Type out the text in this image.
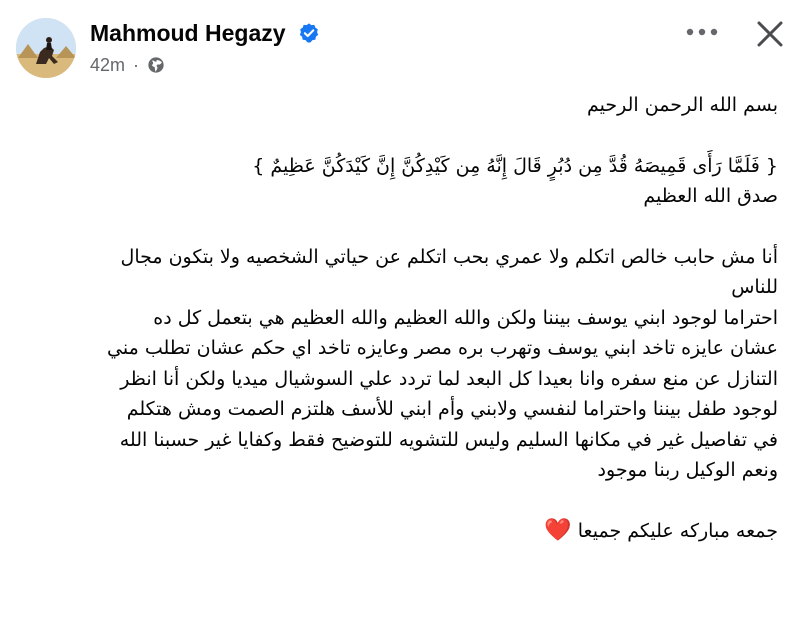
Mahmoud Hegazy
42m ·

بسم الله الرحمن الرحيم

{ فَلَمَّا رَأَى قَمِيصَهُ قُدَّ مِن دُبُرٍ قَالَ إِنَّهُ مِن كَيْدِكُنَّ إِنَّ كَيْدَكُنَّ عَظِيمٌ }

صدق الله العظيم

أنا مش حابب خالص اتكلم ولا عمري بحب اتكلم عن حياتي الشخصيه ولا بتكون مجال

للناس

احتراما لوجود ابني يوسف بيننا ولكن والله العظيم والله العظيم هي بتعمل كل ده

عشان عايزه تاخد ابني يوسف وتهرب بره مصر وعايزه تاخد اي حكم عشان تطلب مني

التنازل عن منع سفره وانا بعيدا كل البعد لما تردد علي السوشيال ميديا ولكن أنا انظر

لوجود طفل بيننا واحتراما لنفسي ولابني وأم ابني للأسف هلتزم الصمت ومش هتكلم

في تفاصيل غير في مكانها السليم وليس للتشويه للتوضيح فقط وكفايا غير حسبنا الله

ونعم الوكيل ربنا موجود

جمعه مباركه عليكم جميعا ❤️
